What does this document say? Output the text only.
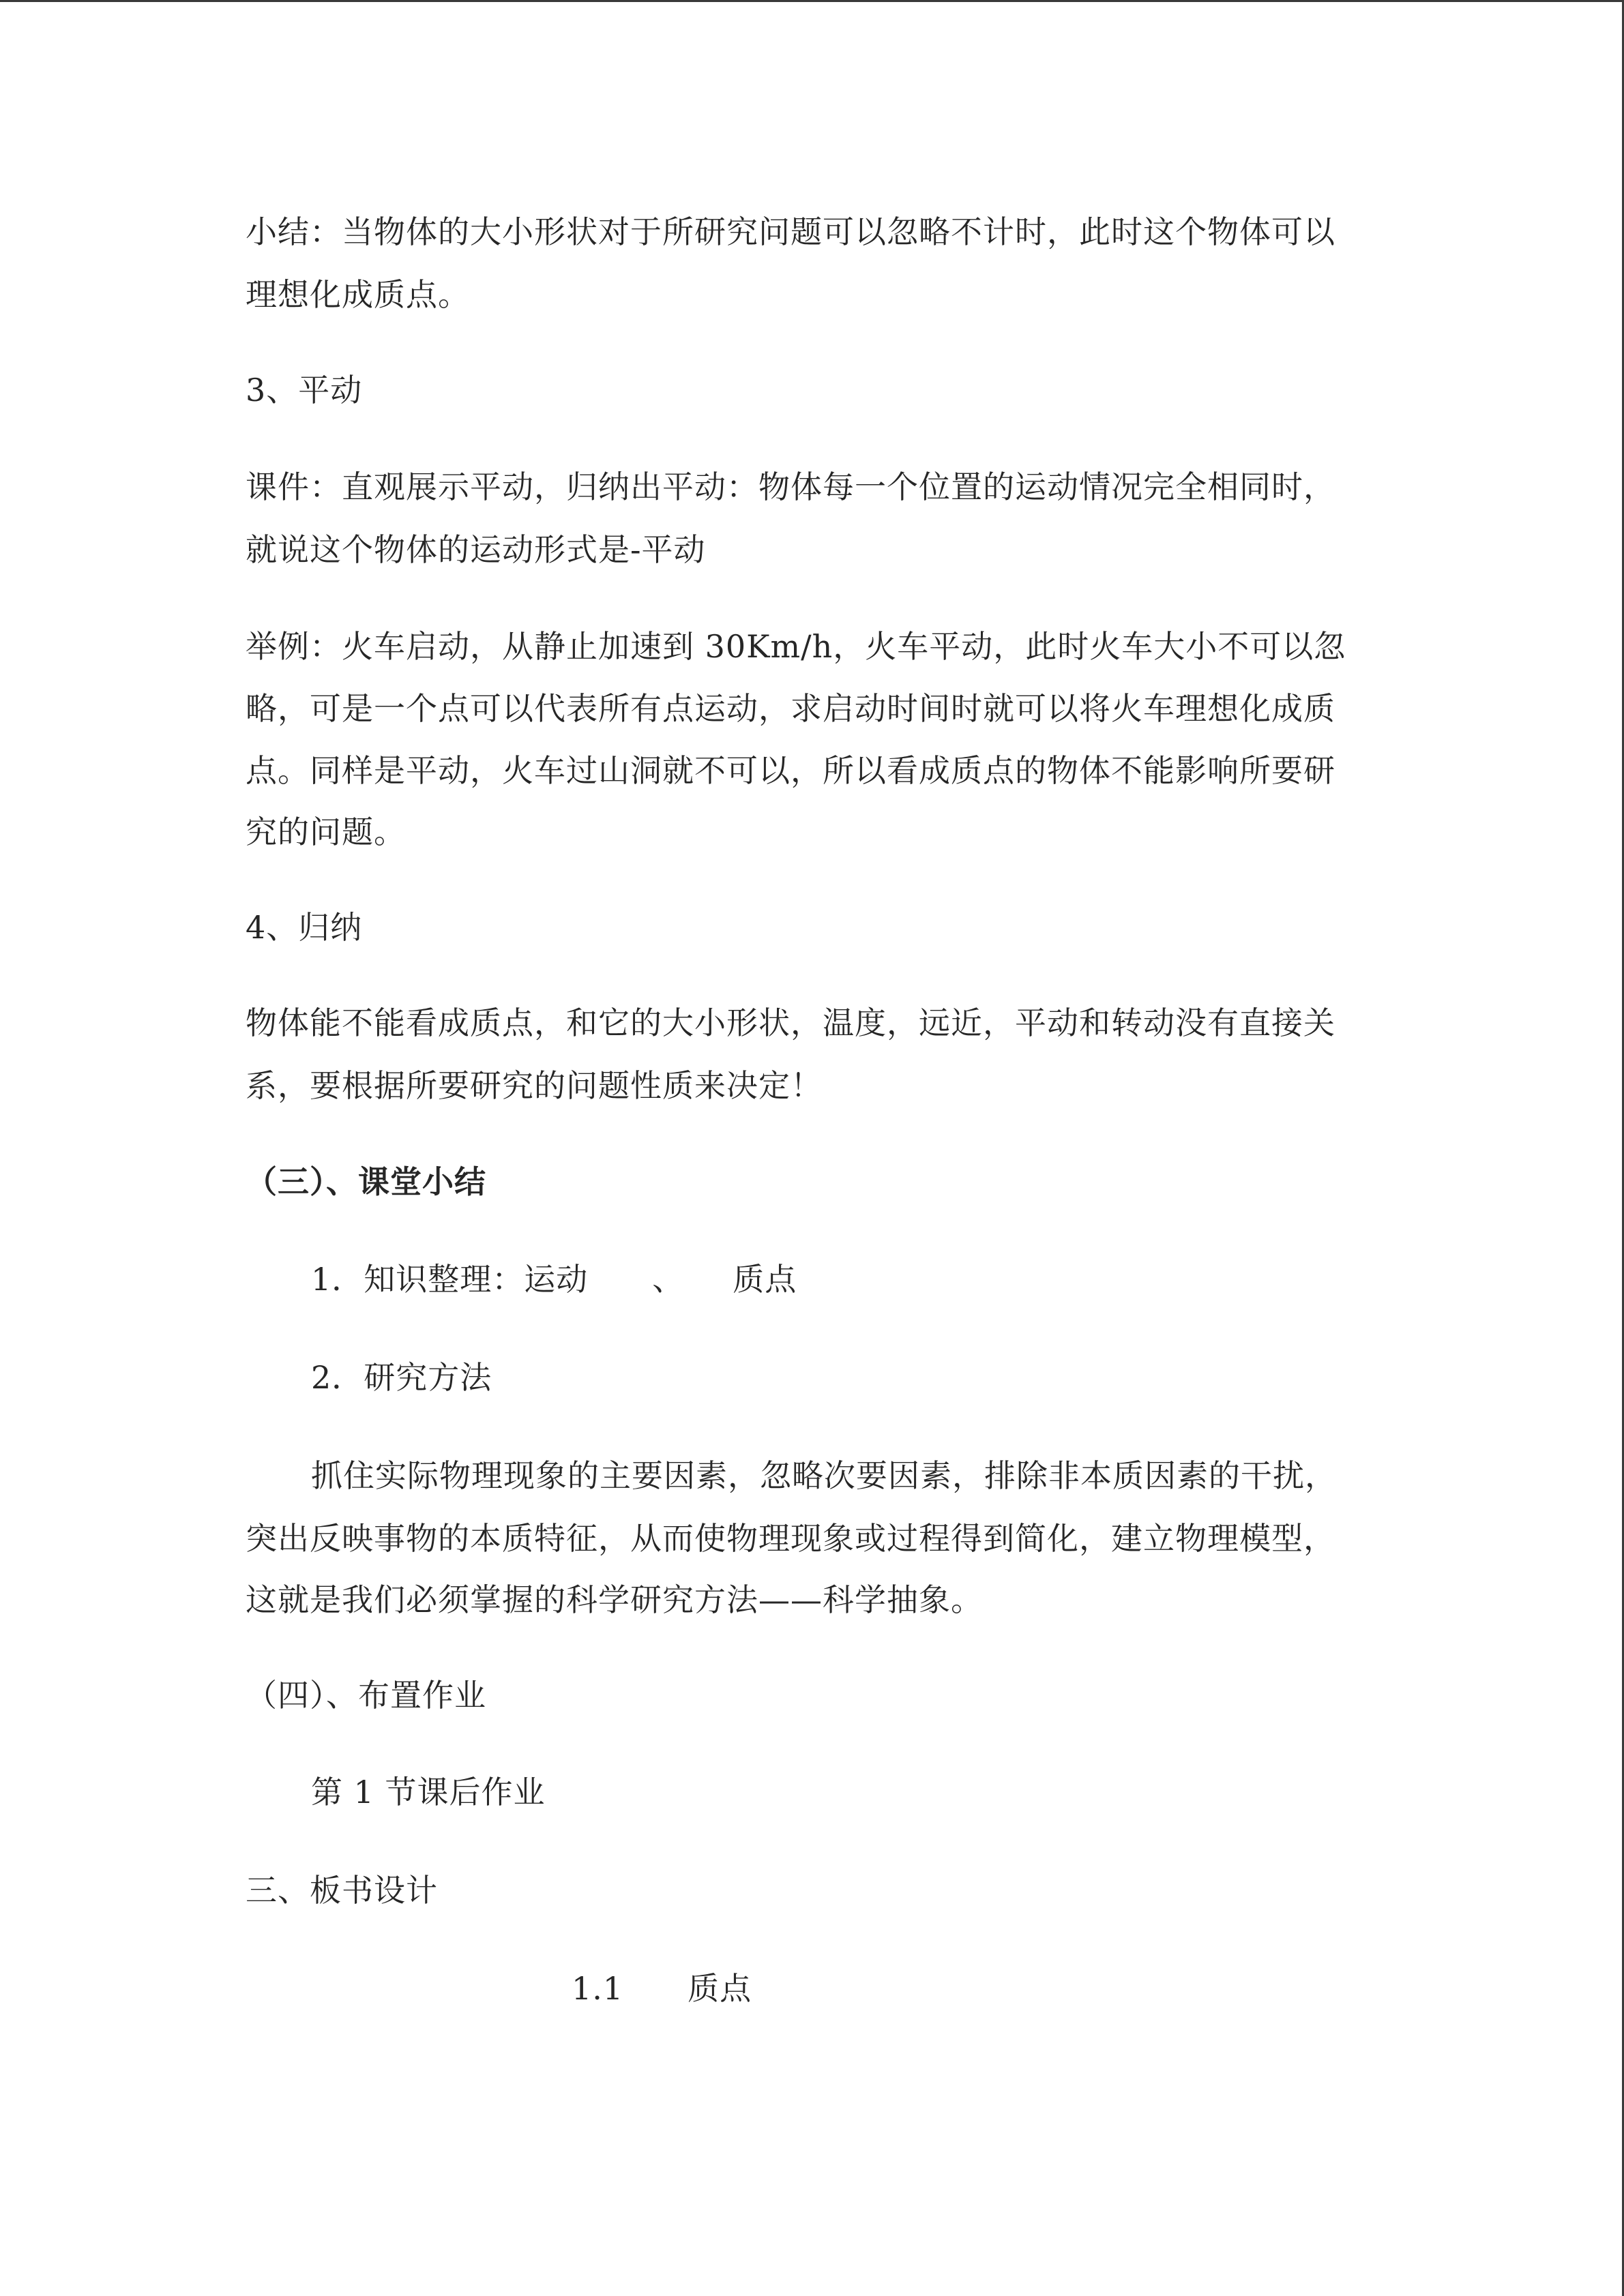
小结：当物体的大小形状对于所研究问题可以忽略不计时，此时这个物体可以
理想化成质点。
3、平动
课件：直观展示平动，归纳出平动：物体每一个位置的运动情况完全相同时，
就说这个物体的运动形式是-平动
举例：火车启动，从静止加速到 30Km/h，火车平动，此时火车大小不可以忽
略，可是一个点可以代表所有点运动，求启动时间时就可以将火车理想化成质
点。同样是平动，火车过山洞就不可以，所以看成质点的物体不能影响所要研
究的问题。
4、归纳
物体能不能看成质点，和它的大小形状，温度，远近，平动和转动没有直接关
系，要根据所要研究的问题性质来决定！
（三）、课堂小结
1．知识整理：运动　　、　　质点
2．研究方法
抓住实际物理现象的主要因素，忽略次要因素，排除非本质因素的干扰，
突出反映事物的本质特征，从而使物理现象或过程得到简化，建立物理模型，
这就是我们必须掌握的科学研究方法——科学抽象。
（四）、布置作业
第 1 节课后作业
三、板书设计
1.1　　质点
